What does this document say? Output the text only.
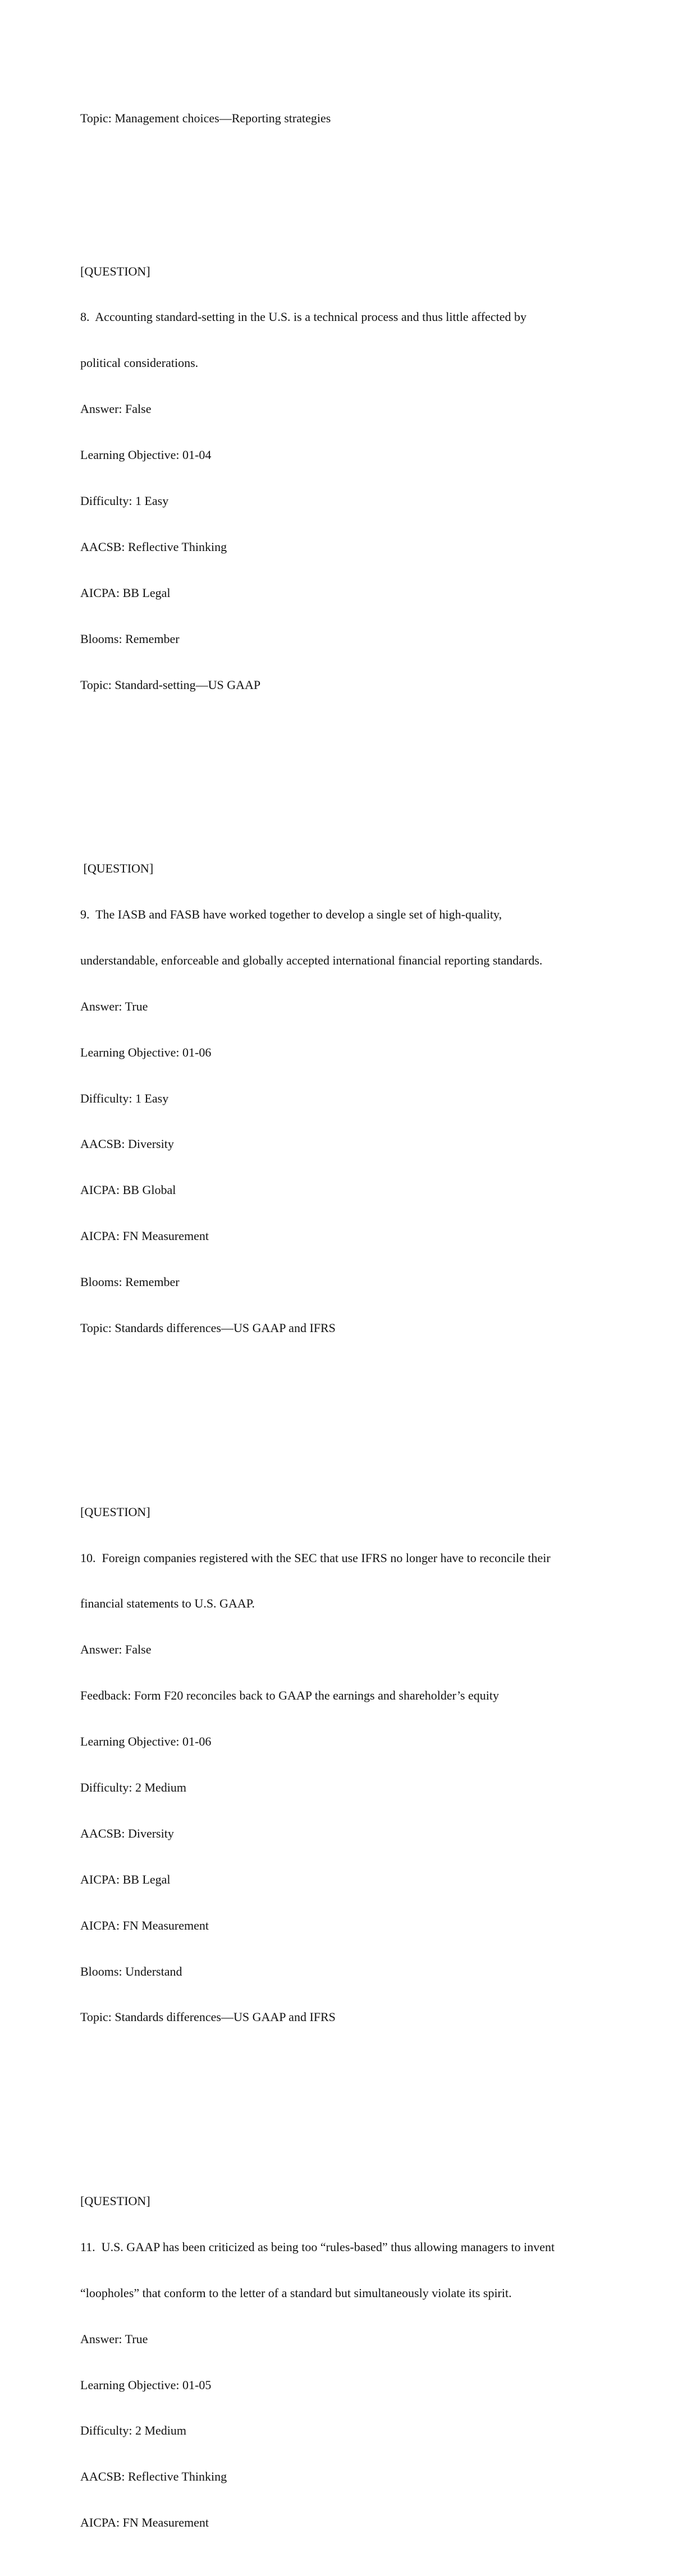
Topic: Management choices—Reporting strategies

[QUESTION]

8.  Accounting standard-setting in the U.S. is a technical process and thus little affected by

political considerations.

Answer: False

Learning Objective: 01-04

Difficulty: 1 Easy

AACSB: Reflective Thinking

AICPA: BB Legal

Blooms: Remember

Topic: Standard-setting—US GAAP

[QUESTION]

9.  The IASB and FASB have worked together to develop a single set of high-quality,

understandable, enforceable and globally accepted international financial reporting standards.

Answer: True

Learning Objective: 01-06

Difficulty: 1 Easy

AACSB: Diversity

AICPA: BB Global

AICPA: FN Measurement

Blooms: Remember

Topic: Standards differences—US GAAP and IFRS

[QUESTION]

10.  Foreign companies registered with the SEC that use IFRS no longer have to reconcile their

financial statements to U.S. GAAP.

Answer: False

Feedback: Form F20 reconciles back to GAAP the earnings and shareholder’s equity

Learning Objective: 01-06

Difficulty: 2 Medium

AACSB: Diversity

AICPA: BB Legal

AICPA: FN Measurement

Blooms: Understand

Topic: Standards differences—US GAAP and IFRS

[QUESTION]

11.  U.S. GAAP has been criticized as being too “rules-based” thus allowing managers to invent

“loopholes” that conform to the letter of a standard but simultaneously violate its spirit.

Answer: True

Learning Objective: 01-05

Difficulty: 2 Medium

AACSB: Reflective Thinking

AICPA: FN Measurement
